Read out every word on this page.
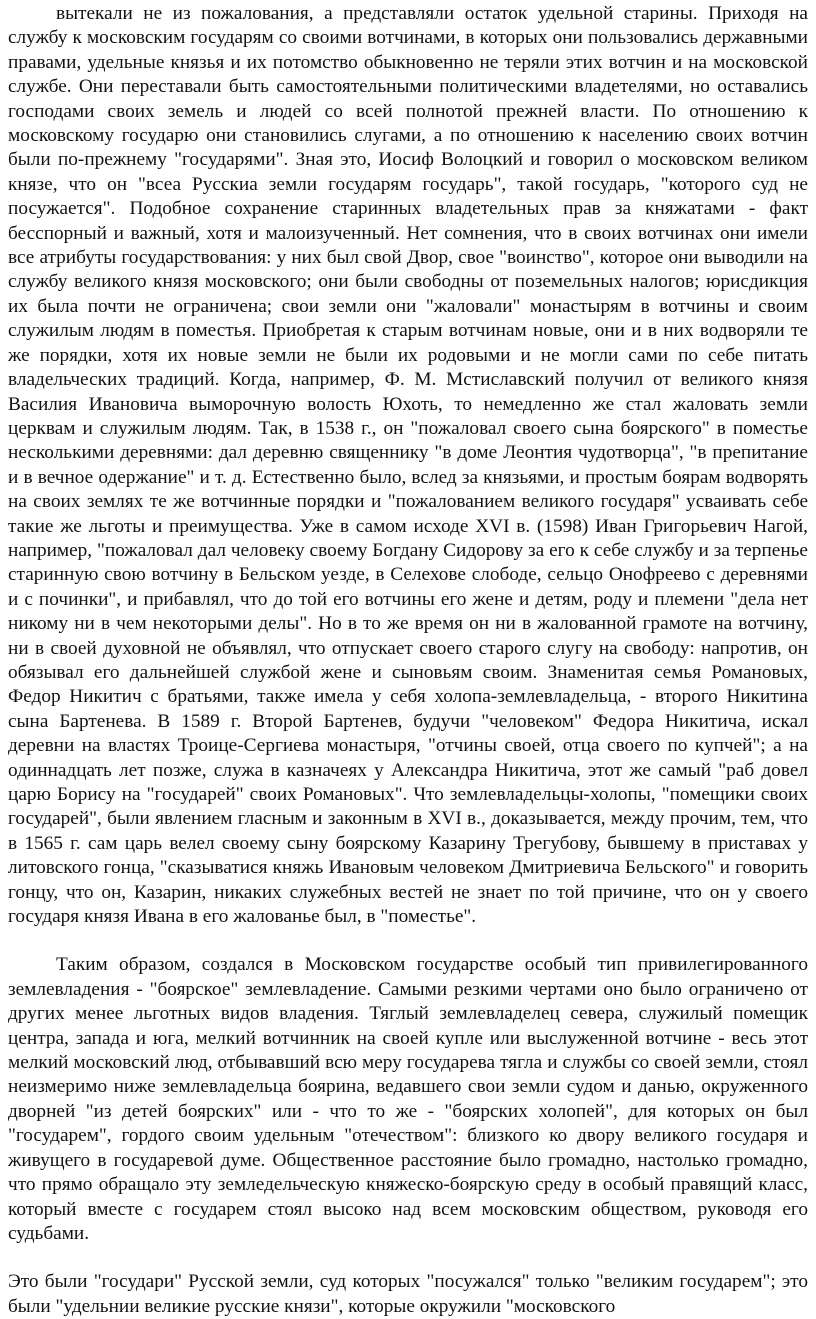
вытекали не из пожалования, а представляли остаток удельной старины. Приходя на службу к московским государям со своими вотчинами, в которых они пользовались державными правами, удельные князья и их потомство обыкновенно не теряли этих вотчин и на московской службе. Они переставали быть самостоятельными политическими владетелями, но оставались господами своих земель и людей со всей полнотой прежней власти. По отношению к московскому государю они становились слугами, а по отношению к населению своих вотчин были по-прежнему "государями". Зная это, Иосиф Волоцкий и говорил о московском великом князе, что он "всеа Русскиа земли государям государь", такой государь, "которого суд не посужается". Подобное сохранение старинных владетельных прав за княжатами - факт бесспорный и важный, хотя и малоизученный. Нет сомнения, что в своих вотчинах они имели все атрибуты государствования: у них был свой Двор, свое "воинство", которое они выводили на службу великого князя московского; они были свободны от поземельных налогов; юрисдикция их была почти не ограничена; свои земли они "жаловали" монастырям в вотчины и своим служилым людям в поместья. Приобретая к старым вотчинам новые, они и в них водворяли те же порядки, хотя их новые земли не были их родовыми и не могли сами по себе питать владельческих традиций. Когда, например, Ф. М. Мстиславский получил от великого князя Василия Ивановича выморочную волость Юхоть, то немедленно же стал жаловать земли церквам и служилым людям. Так, в 1538 г., он "пожаловал своего сына боярского" в поместье несколькими деревнями: дал деревню священнику "в доме Леонтия чудотворца", "в препитание и в вечное одержание" и т. д. Естественно было, вслед за князьями, и простым боярам водворять на своих землях те же вотчинные порядки и "пожалованием великого государя" усваивать себе такие же льготы и преимущества. Уже в самом исходе XVI в. (1598) Иван Григорьевич Нагой, например, "пожаловал дал человеку своему Богдану Сидорову за его к себе службу и за терпенье старинную свою вотчину в Бельском уезде, в Селехове слободе, сельцо Онофреево с деревнями и с починки", и прибавлял, что до той его вотчины его жене и детям, роду и племени "дела нет никому ни в чем некоторыми делы". Но в то же время он ни в жалованной грамоте на вотчину, ни в своей духовной не объявлял, что отпускает своего старого слугу на свободу: напротив, он обязывал его дальнейшей службой жене и сыновьям своим. Знаменитая семья Романовых, Федор Никитич с братьями, также имела у себя холопа-землевладельца, - второго Никитина сына Бартенева. В 1589 г. Второй Бартенев, будучи "человеком" Федора Никитича, искал деревни на властях Троице-Сергиева монастыря, "отчины своей, отца своего по купчей"; а на одиннадцать лет позже, служа в казначеях у Александра Никитича, этот же самый "раб довел царю Борису на "государей" своих Романовых". Что землевладельцы-холопы, "помещики своих государей", были явлением гласным и законным в XVI в., доказывается, между прочим, тем, что в 1565 г. сам царь велел своему сыну боярскому Казарину Трегубову, бывшему в приставах у литовского гонца, "сказыватися княжь Ивановым человеком Дмитриевича Бельского" и говорить гонцу, что он, Казарин, никаких служебных вестей не знает по той причине, что он у своего государя князя Ивана в его жалованье был, в "поместье".

Таким образом, создался в Московском государстве особый тип привилегированного землевладения - "боярское" землевладение. Самыми резкими чертами оно было ограничено от других менее льготных видов владения. Тяглый землевладелец севера, служилый помещик центра, запада и юга, мелкий вотчинник на своей купле или выслуженной вотчине - весь этот мелкий московский люд, отбывавший всю меру государева тягла и службы со своей земли, стоял неизмеримо ниже землевладельца боярина, ведавшего свои земли судом и данью, окруженного дворней "из детей боярских" или - что то же - "боярских холопей", для которых он был "государем", гордого своим удельным "отечеством": близкого ко двору великого государя и живущего в государевой думе. Общественное расстояние было громадно, настолько громадно, что прямо обращало эту земледельческую княжеско-боярскую среду в особый правящий класс, который вместе с государем стоял высоко над всем московским обществом, руководя его судьбами.

Это были "государи" Русской земли, суд которых "посужался" только "великим государем"; это были "удельнии великие русские князи", которые окружили "московского
